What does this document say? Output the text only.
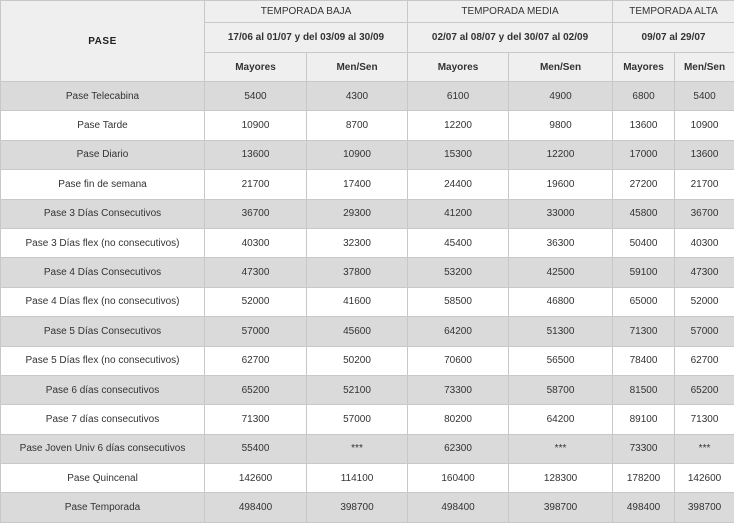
PASE	TEMPORADA BAJA		TEMPORADA MEDIA		TEMPORADA ALTA	
	17/06 al 01/07 y del 03/09 al 30/09		02/07 al 08/07 y del 30/07 al 02/09		09/07 al 29/07	
	Mayores	Men/Sen	Mayores	Men/Sen	Mayores	Men/Sen
Pase Telecabina	5400	4300	6100	4900	6800	5400
Pase Tarde	10900	8700	12200	9800	13600	10900
Pase Diario	13600	10900	15300	12200	17000	13600
Pase fin de semana	21700	17400	24400	19600	27200	21700
Pase 3 Días Consecutivos	36700	29300	41200	33000	45800	36700
Pase 3 Días flex (no consecutivos)	40300	32300	45400	36300	50400	40300
Pase 4 Días Consecutivos	47300	37800	53200	42500	59100	47300
Pase 4 Días flex (no consecutivos)	52000	41600	58500	46800	65000	52000
Pase 5 Días Consecutivos	57000	45600	64200	51300	71300	57000
Pase 5 Días flex (no consecutivos)	62700	50200	70600	56500	78400	62700
Pase 6 días consecutivos	65200	52100	73300	58700	81500	65200
Pase 7 días consecutivos	71300	57000	80200	64200	89100	71300
Pase Joven Univ 6 días consecutivos	55400	***	62300	***	73300	***
Pase Quincenal	142600	114100	160400	128300	178200	142600
Pase Temporada	498400	398700	498400	398700	498400	398700
